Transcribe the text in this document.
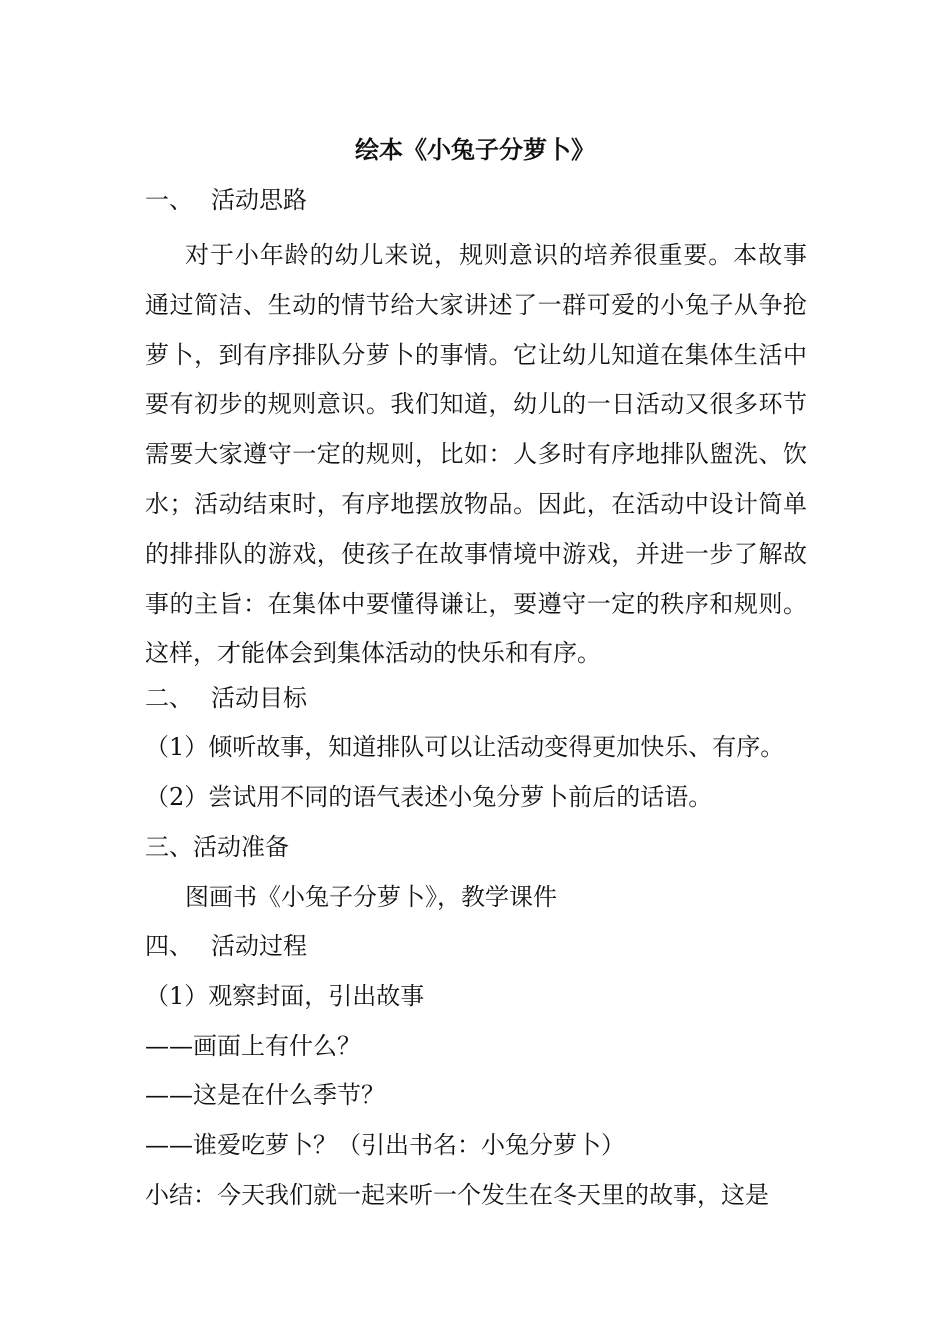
绘本《小兔子分萝卜》
一、 活动思路
对于小年龄的幼儿来说，规则意识的培养很重要。本故事通过简洁、生动的情节给大家讲述了一群可爱的小兔子从争抢萝卜，到有序排队分萝卜的事情。它让幼儿知道在集体生活中要有初步的规则意识。我们知道，幼儿的一日活动又很多环节需要大家遵守一定的规则，比如：人多时有序地排队盥洗、饮水；活动结束时，有序地摆放物品。因此，在活动中设计简单的排排队的游戏，使孩子在故事情境中游戏，并进一步了解故事的主旨：在集体中要懂得谦让，要遵守一定的秩序和规则。这样，才能体会到集体活动的快乐和有序。
二、 活动目标
（1）倾听故事，知道排队可以让活动变得更加快乐、有序。
（2）尝试用不同的语气表述小兔分萝卜前后的话语。
三、活动准备
图画书《小兔子分萝卜》，教学课件
四、 活动过程
（1）观察封面，引出故事
——画面上有什么？
——这是在什么季节？
——谁爱吃萝卜？（引出书名：小兔分萝卜）
小结：今天我们就一起来听一个发生在冬天里的故事，这是
